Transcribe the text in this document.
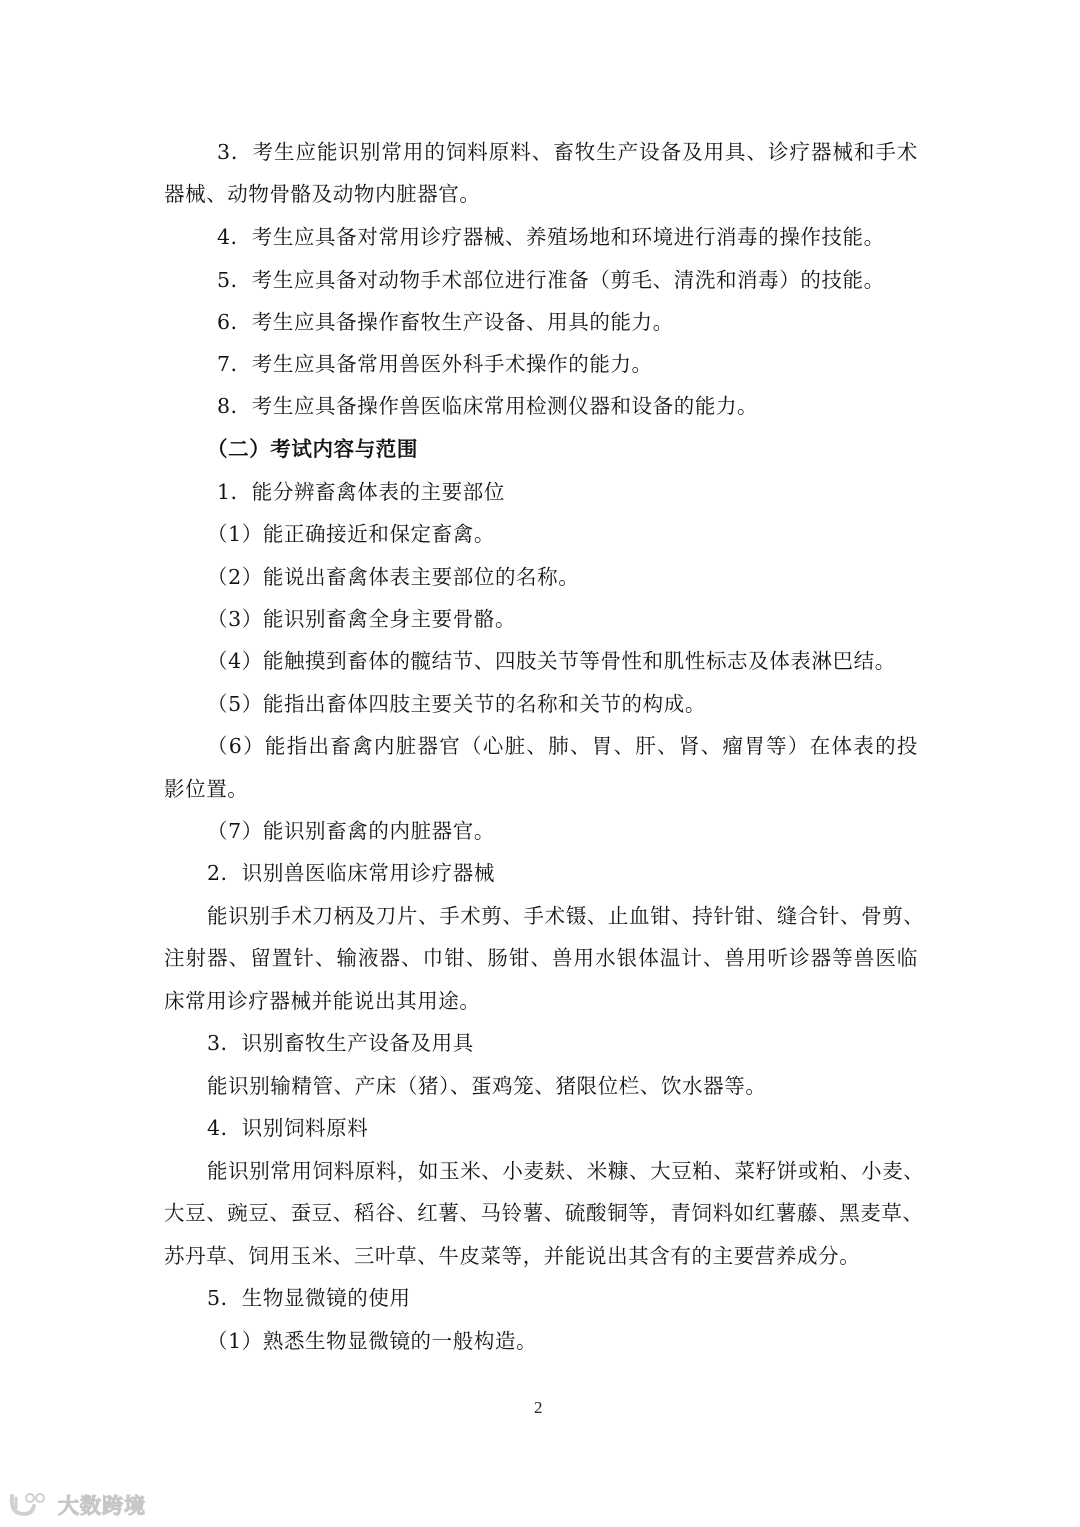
3．考生应能识别常用的饲料原料、畜牧生产设备及用具、诊疗器械和手术
器械、动物骨骼及动物内脏器官。
4．考生应具备对常用诊疗器械、养殖场地和环境进行消毒的操作技能。
5．考生应具备对动物手术部位进行准备（剪毛、清洗和消毒）的技能。
6．考生应具备操作畜牧生产设备、用具的能力。
7．考生应具备常用兽医外科手术操作的能力。
8．考生应具备操作兽医临床常用检测仪器和设备的能力。
（二）考试内容与范围
1．能分辨畜禽体表的主要部位
（1）能正确接近和保定畜禽。
（2）能说出畜禽体表主要部位的名称。
（3）能识别畜禽全身主要骨骼。
（4）能触摸到畜体的髋结节、四肢关节等骨性和肌性标志及体表淋巴结。
（5）能指出畜体四肢主要关节的名称和关节的构成。
（6）能指出畜禽内脏器官（心脏、肺、胃、肝、肾、瘤胃等）在体表的投
影位置。
（7）能识别畜禽的内脏器官。
2．识别兽医临床常用诊疗器械
能识别手术刀柄及刀片、手术剪、手术镊、止血钳、持针钳、缝合针、骨剪、
注射器、留置针、输液器、巾钳、肠钳、兽用水银体温计、兽用听诊器等兽医临
床常用诊疗器械并能说出其用途。
3．识别畜牧生产设备及用具
能识别输精管、产床（猪）、蛋鸡笼、猪限位栏、饮水器等。
4．识别饲料原料
能识别常用饲料原料，如玉米、小麦麸、米糠、大豆粕、菜籽饼或粕、小麦、
大豆、豌豆、蚕豆、稻谷、红薯、马铃薯、硫酸铜等，青饲料如红薯藤、黑麦草、
苏丹草、饲用玉米、三叶草、牛皮菜等，并能说出其含有的主要营养成分。
5．生物显微镜的使用
（1）熟悉生物显微镜的一般构造。
2
大数跨境
